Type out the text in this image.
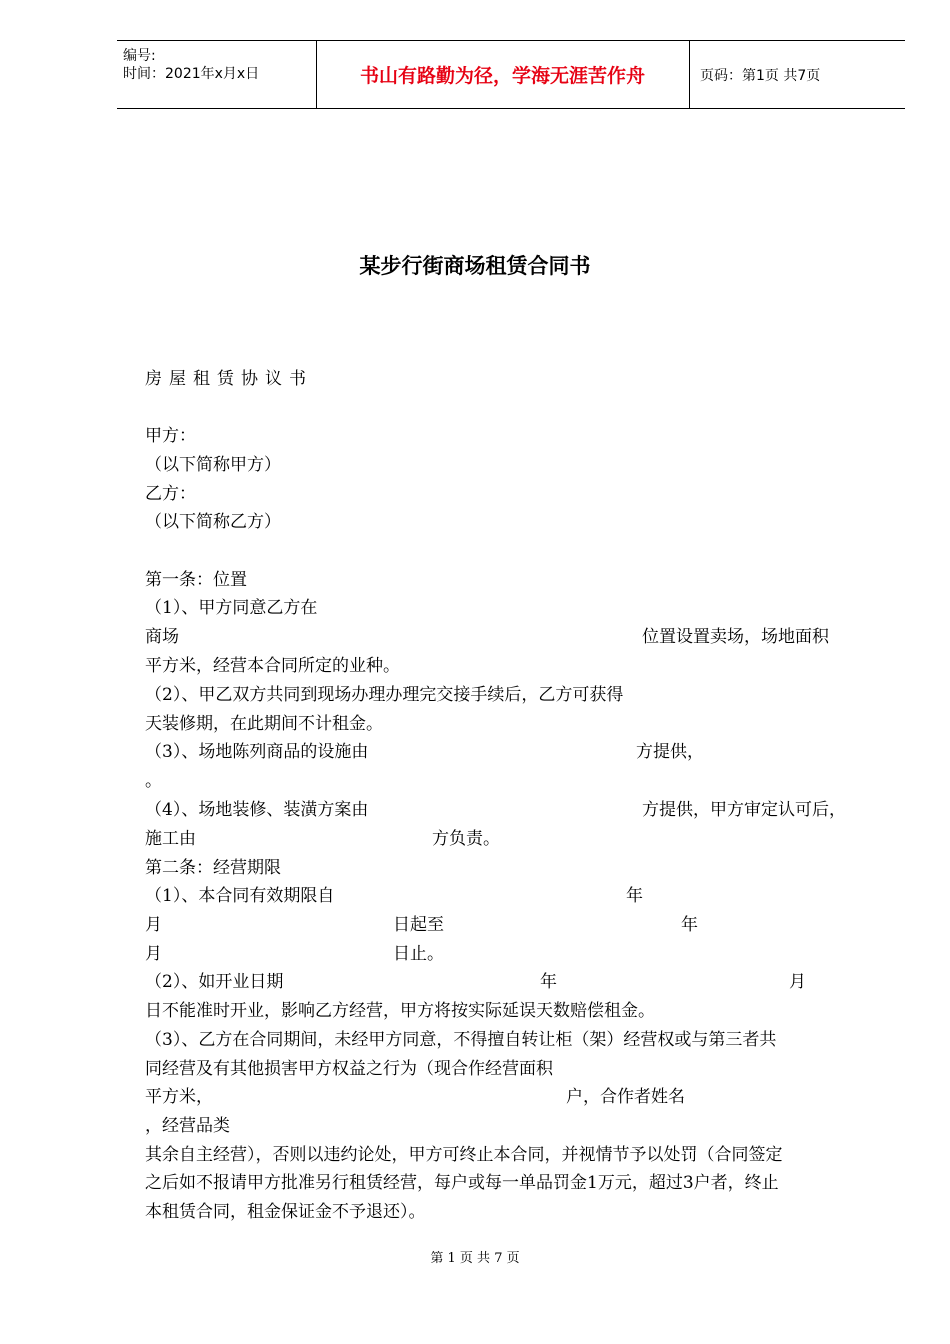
编号:
时间：2021年x月x日	书山有路勤为径，学海无涯苦作舟	页码：第1页 共7页
某步行街商场租赁合同书
房屋租赁协议书
甲方：
（以下简称甲方）
乙方：
（以下简称乙方）
第一条：位置
（1）、甲方同意乙方在
商场	位置设置卖场，场地面积
平方米，经营本合同所定的业种。
（2）、甲乙双方共同到现场办理办理完交接手续后，乙方可获得
天装修期，在此期间不计租金。
（3）、场地陈列商品的设施由	方提供，
。
（4）、场地装修、装潢方案由	方提供，甲方审定认可后，
施工由	方负责。
第二条：经营期限
（1）、本合同有效期限自	年
月	日起至	年
月	日止。
（2）、如开业日期	年	月
日不能准时开业，影响乙方经营，甲方将按实际延误天数赔偿租金。
（3）、乙方在合同期间，未经甲方同意，不得擅自转让柜（架）经营权或与第三者共
同经营及有其他损害甲方权益之行为（现合作经营面积
平方米，	户，合作者姓名
，经营品类
其余自主经营），否则以违约论处，甲方可终止本合同，并视情节予以处罚（合同签定
之后如不报请甲方批准另行租赁经营，每户或每一单品罚金1万元，超过3户者，终止
本租赁合同，租金保证金不予退还）。
第 1 页 共 7 页
